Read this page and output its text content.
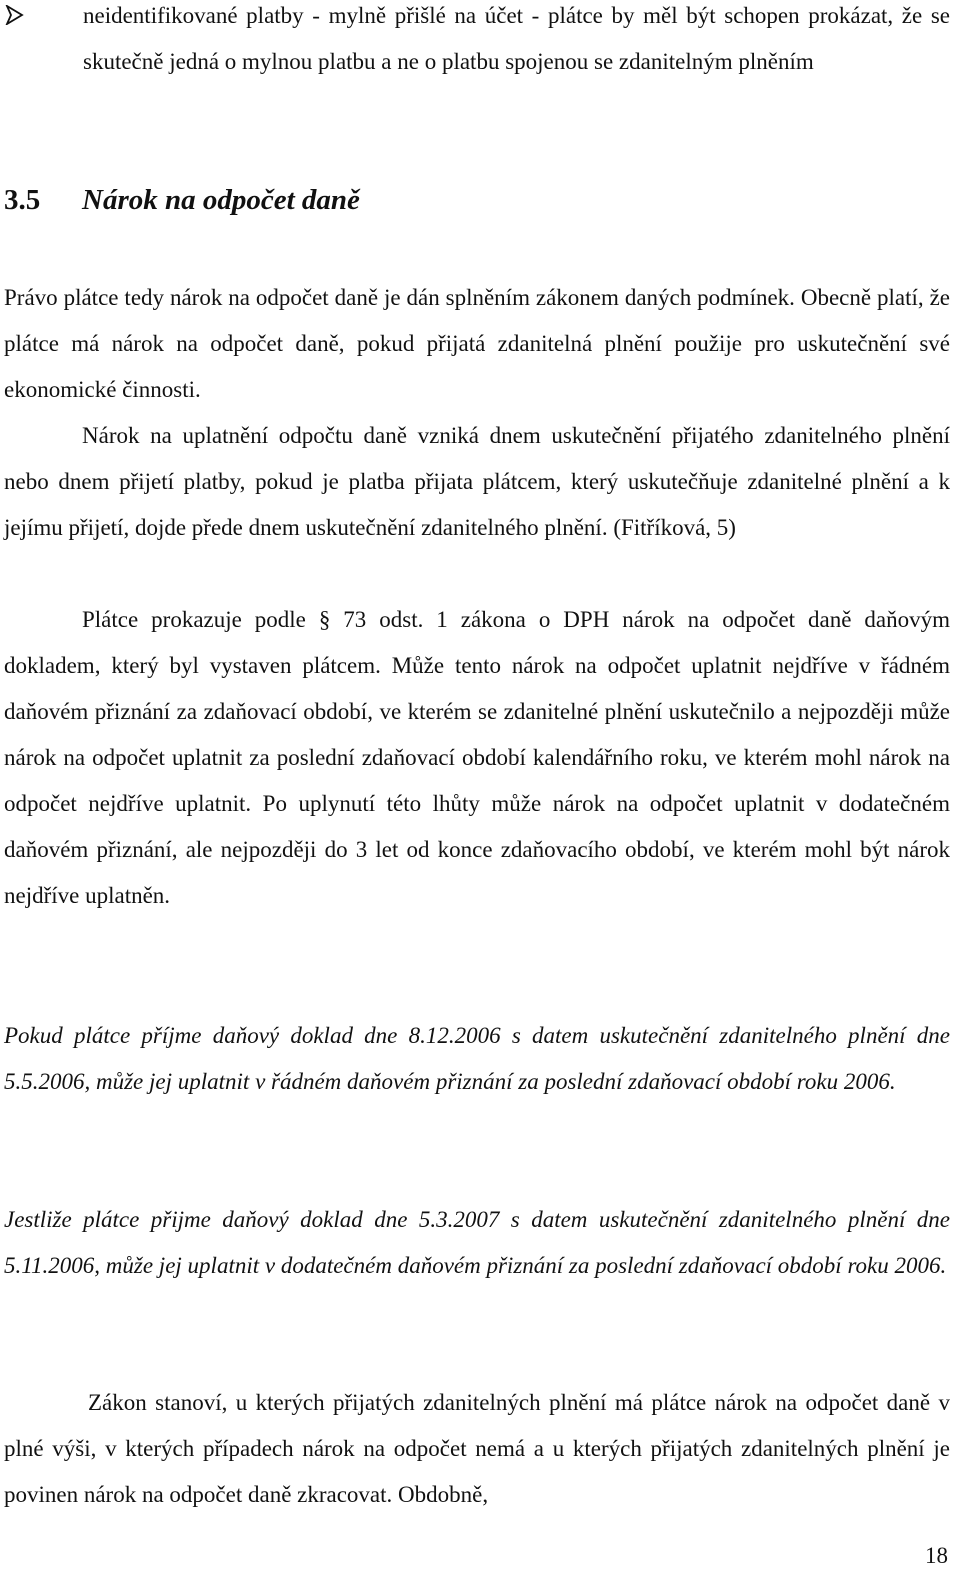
neidentifikované platby - mylně přišlé na účet - plátce by měl být schopen prokázat, že se skutečně jedná o mylnou platbu a ne o platbu spojenou se zdanitelným plněním
3.5 Nárok na odpočet daně
Právo plátce tedy nárok na odpočet daně je dán splněním zákonem daných podmínek. Obecně platí, že plátce má nárok na odpočet daně, pokud přijatá zdanitelná plnění použije pro uskutečnění své ekonomické činnosti.
Nárok na uplatnění odpočtu daně vzniká dnem uskutečnění přijatého zdanitelného plnění nebo dnem přijetí platby, pokud je platba přijata plátcem, který uskutečňuje zdanitelné plnění a k jejímu přijetí, dojde přede dnem uskutečnění zdanitelného plnění. (Fitříková, 5)
Plátce prokazuje podle § 73 odst. 1 zákona o DPH nárok na odpočet daně daňovým dokladem, který byl vystaven plátcem. Může tento nárok na odpočet uplatnit nejdříve v řádném daňovém přiznání za zdaňovací období, ve kterém se zdanitelné plnění uskutečnilo a nejpozději může nárok na odpočet uplatnit za poslední zdaňovací období kalendářního roku, ve kterém mohl nárok na odpočet nejdříve uplatnit. Po uplynutí této lhůty může nárok na odpočet uplatnit v dodatečném daňovém přiznání, ale nejpozději do 3 let od konce zdaňovacího období, ve kterém mohl být nárok nejdříve uplatněn.
Pokud plátce příjme daňový doklad dne 8.12.2006 s datem uskutečnění zdanitelného plnění dne 5.5.2006, může jej uplatnit v řádném daňovém přiznání za poslední zdaňovací období roku 2006.
Jestliže plátce přijme daňový doklad dne 5.3.2007 s datem uskutečnění zdanitelného plnění dne 5.11.2006, může jej uplatnit v dodatečném daňovém přiznání za poslední zdaňovací období roku 2006.
Zákon stanoví, u kterých přijatých zdanitelných plnění má plátce nárok na odpočet daně v plné výši, v kterých případech nárok na odpočet nemá a u kterých přijatých zdanitelných plnění je povinen nárok na odpočet daně zkracovat. Obdobně,
18
